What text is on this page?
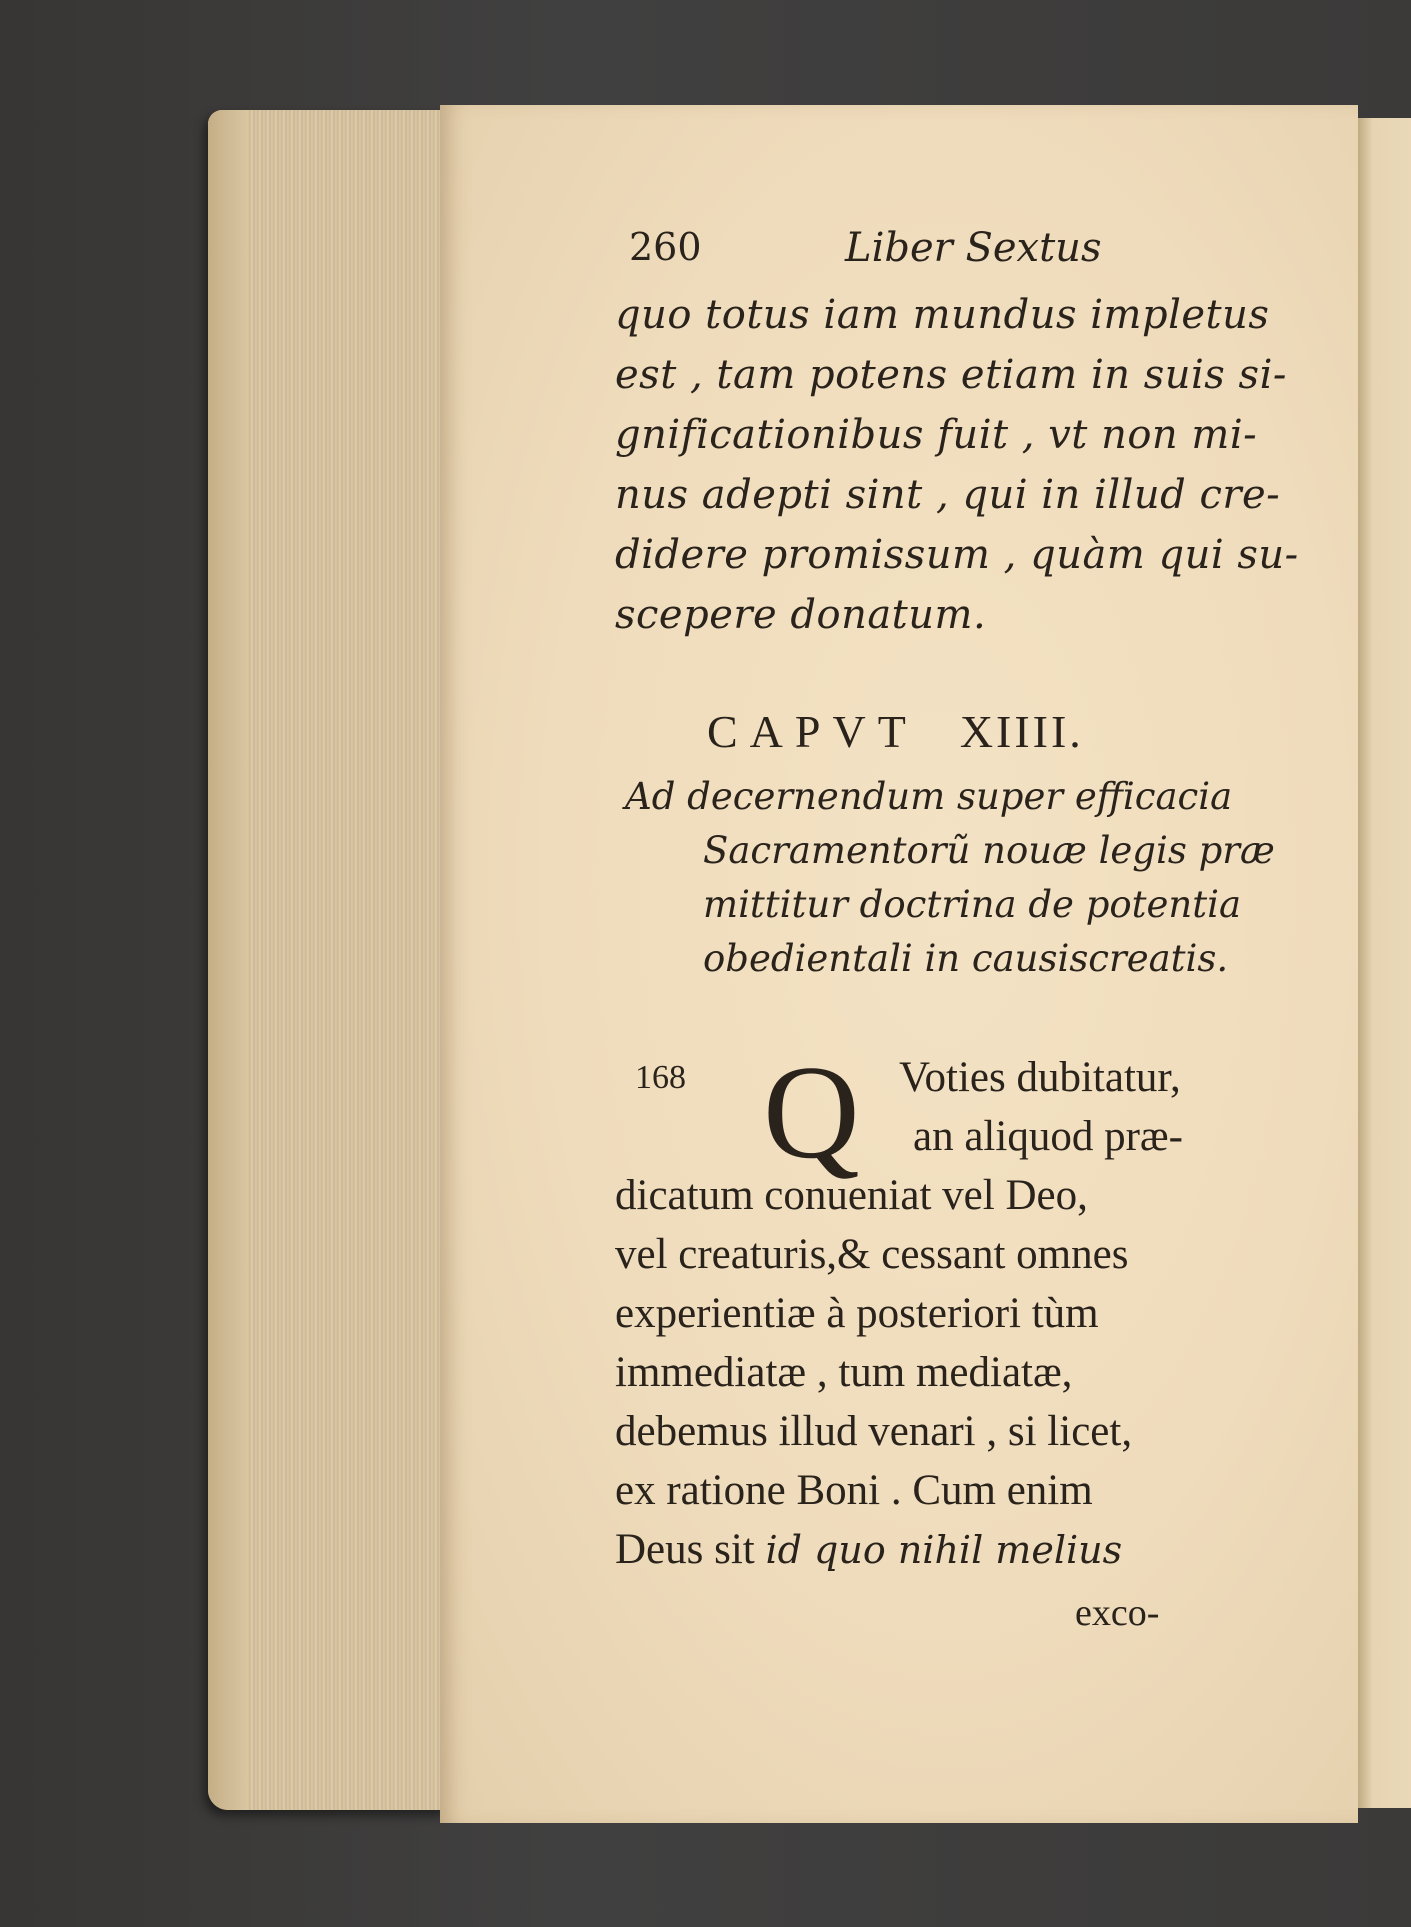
260	Liber Sextus
quo totus iam mundus impletus
est , tam potens etiam in suis si-
gnificationibus fuit , vt non mi-
nus adepti sint , qui in illud cre-
didere promissum , quàm qui su-
scepere donatum.
CAPVT XIIII.
Ad decernendum super efficacia
Sacramentorũ nouæ legis præ
mittitur doctrina de potentia
obedientali in causiscreatis.
168 Q Voties dubitatur,
an aliquod præ-
dicatum conueniat vel Deo,
vel creaturis,& cessant omnes
experientiæ à posteriori tùm
immediatæ , tum mediatæ,
debemus illud venari , si licet,
ex ratione Boni . Cum enim
Deus sit id quo nihil melius
exco-
